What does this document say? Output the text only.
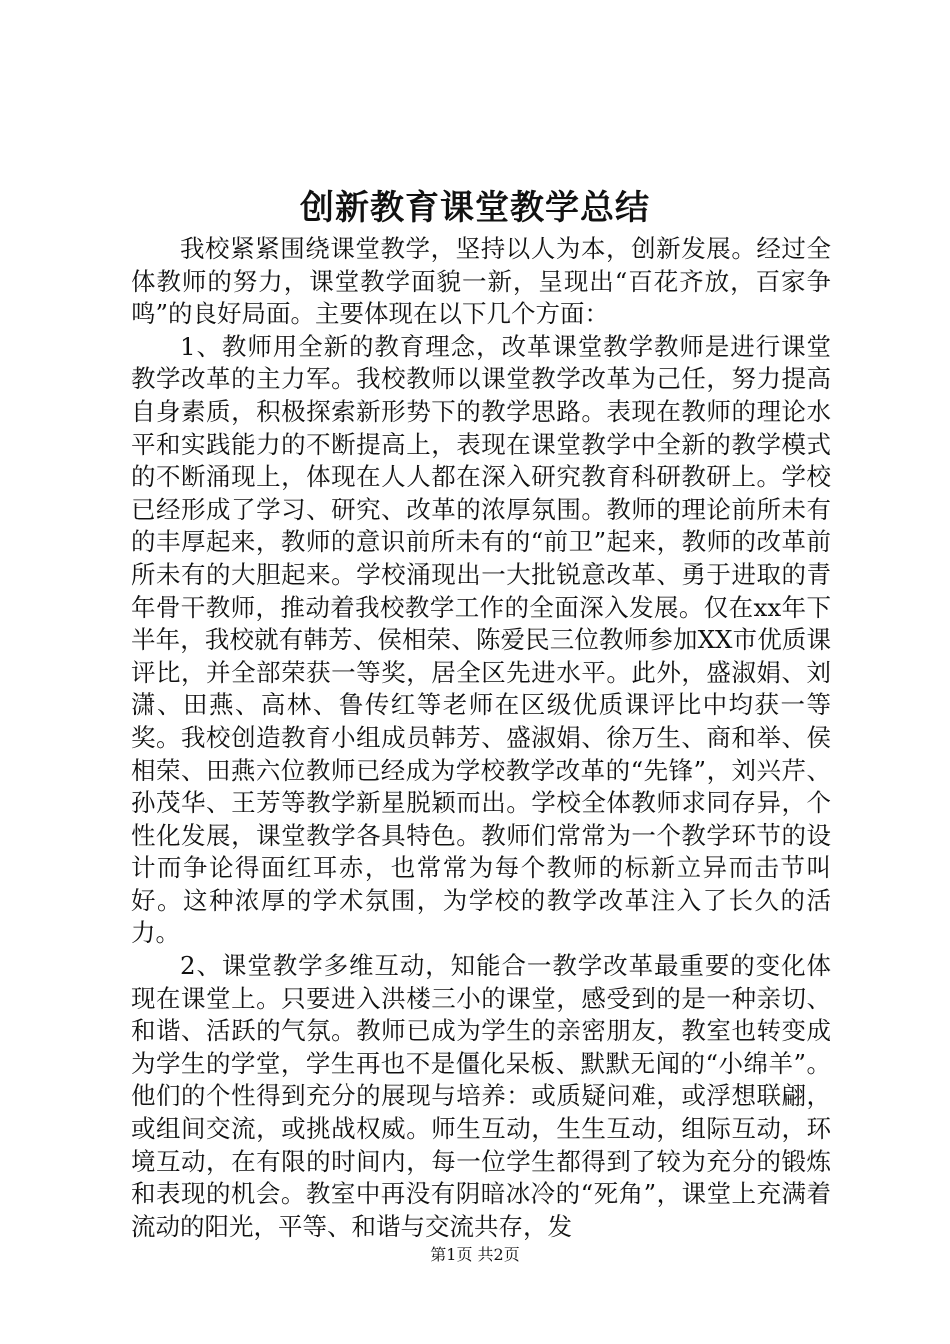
创新教育课堂教学总结

我校紧紧围绕课堂教学，坚持以人为本，创新发展。经过全体教师的努力，课堂教学面貌一新，呈现出“百花齐放，百家争鸣”的良好局面。主要体现在以下几个方面：

1、教师用全新的教育理念，改革课堂教学教师是进行课堂教学改革的主力军。我校教师以课堂教学改革为己任，努力提高自身素质，积极探索新形势下的教学思路。表现在教师的理论水平和实践能力的不断提高上，表现在课堂教学中全新的教学模式的不断涌现上，体现在人人都在深入研究教育科研教研上。学校已经形成了学习、研究、改革的浓厚氛围。教师的理论前所未有的丰厚起来，教师的意识前所未有的“前卫”起来，教师的改革前所未有的大胆起来。学校涌现出一大批锐意改革、勇于进取的青年骨干教师，推动着我校教学工作的全面深入发展。仅在xx年下半年，我校就有韩芳、侯相荣、陈爱民三位教师参加XX市优质课评比，并全部荣获一等奖，居全区先进水平。此外，盛淑娟、刘潇、田燕、高林、鲁传红等老师在区级优质课评比中均获一等奖。我校创造教育小组成员韩芳、盛淑娟、徐万生、商和举、侯相荣、田燕六位教师已经成为学校教学改革的“先锋”，刘兴芹、孙茂华、王芳等教学新星脱颖而出。学校全体教师求同存异，个性化发展，课堂教学各具特色。教师们常常为一个教学环节的设计而争论得面红耳赤，也常常为每个教师的标新立异而击节叫好。这种浓厚的学术氛围，为学校的教学改革注入了长久的活力。

2、课堂教学多维互动，知能合一教学改革最重要的变化体现在课堂上。只要进入洪楼三小的课堂，感受到的是一种亲切、和谐、活跃的气氛。教师已成为学生的亲密朋友，教室也转变成为学生的学堂，学生再也不是僵化呆板、默默无闻的“小绵羊”。他们的个性得到充分的展现与培养：或质疑问难，或浮想联翩，或组间交流，或挑战权威。师生互动，生生互动，组际互动，环境互动，在有限的时间内，每一位学生都得到了较为充分的锻炼和表现的机会。教室中再没有阴暗冰冷的“死角”，课堂上充满着流动的阳光，平等、和谐与交流共存，发

第1页 共2页
